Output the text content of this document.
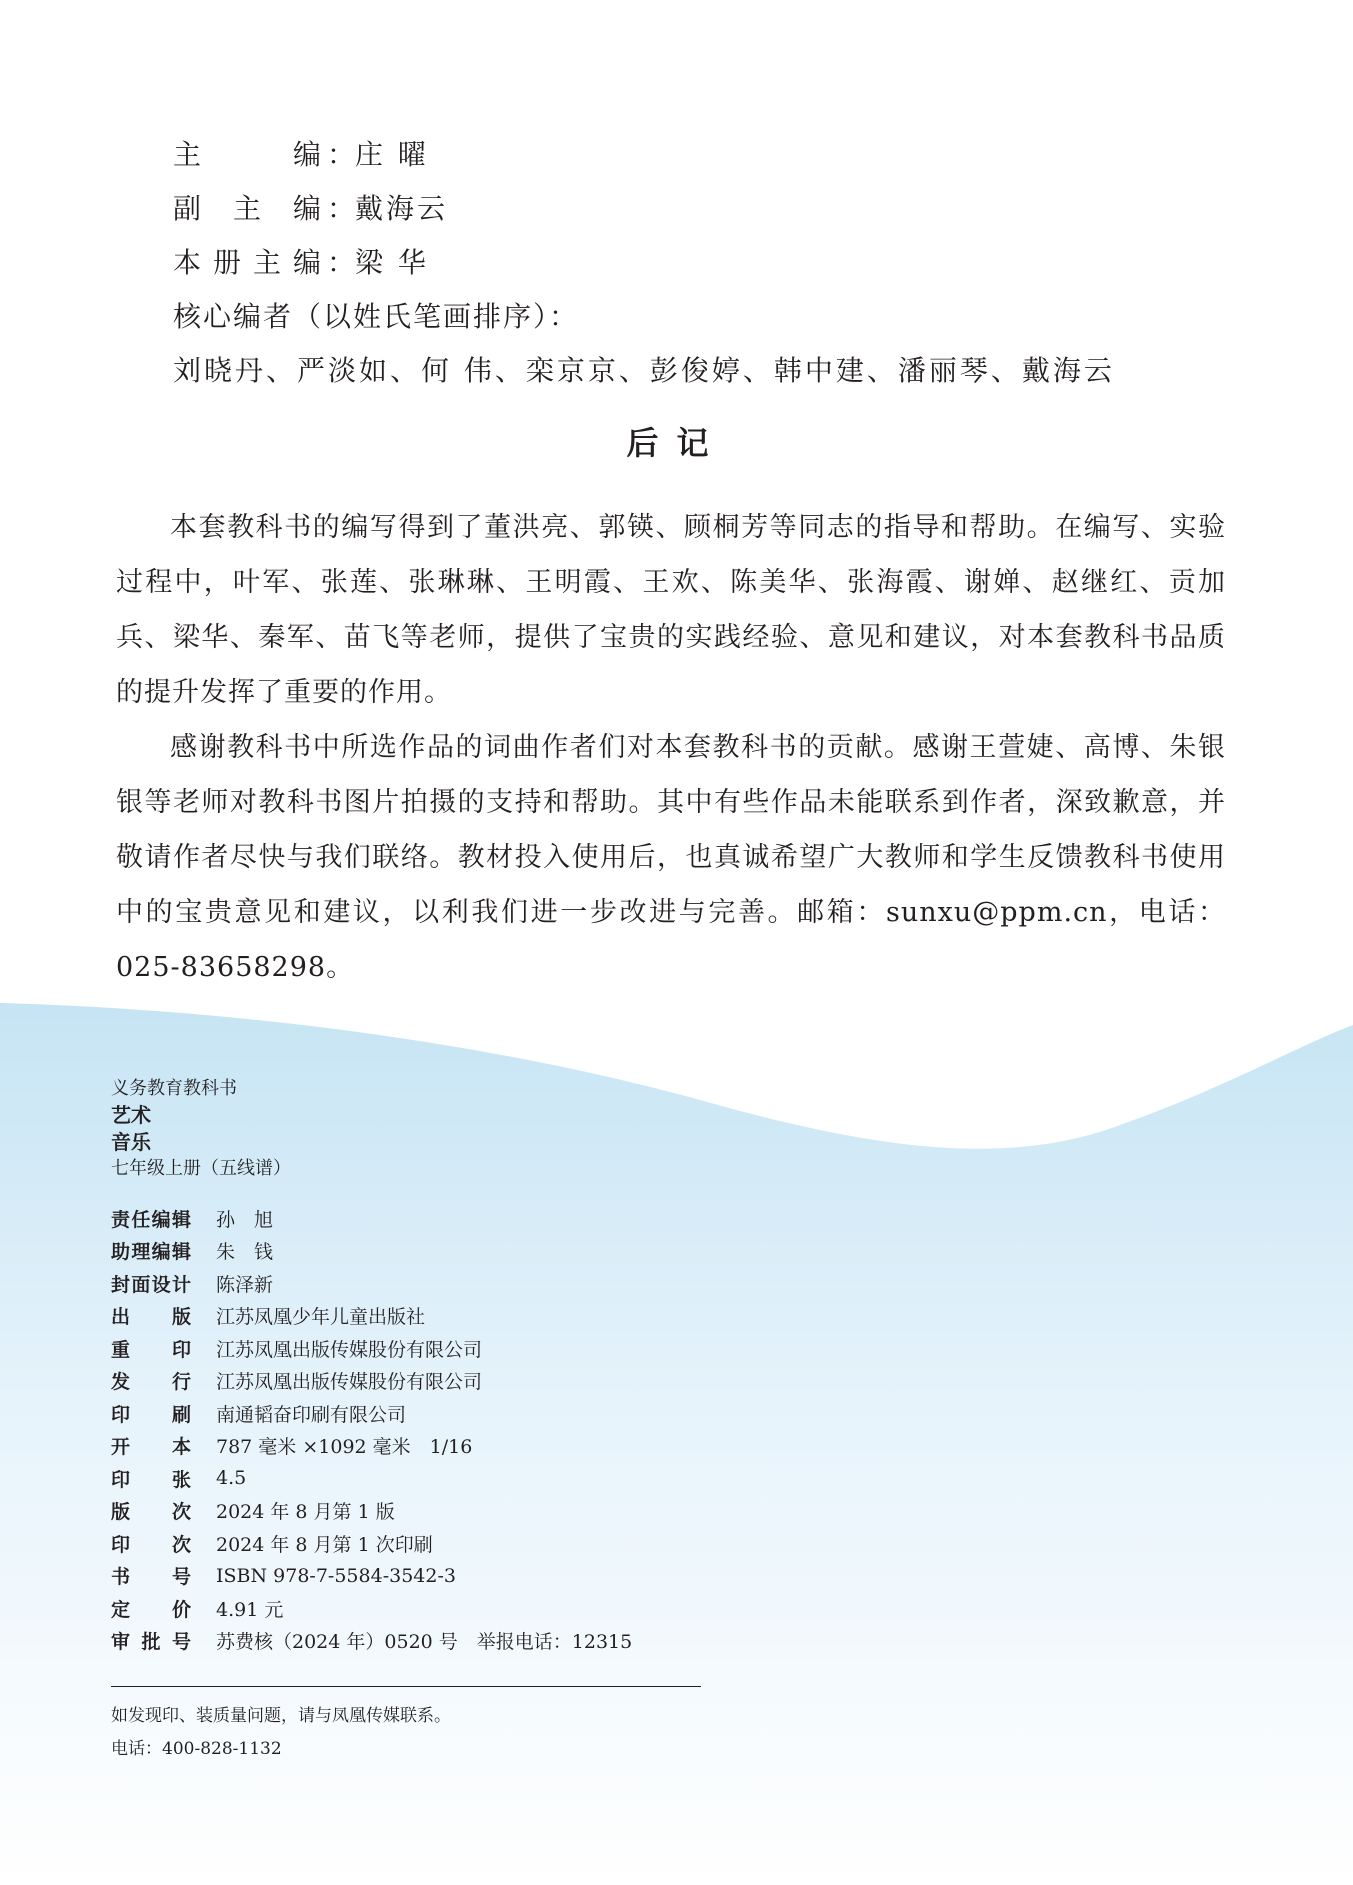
主 编 ：庄 曜
副主编 ：戴海云
本册主编 ：梁 华
核心编者（以姓氏笔画排序）：
刘晓丹、严淡如、何 伟、栾京京、彭俊婷、韩中建、潘丽琴、戴海云
后记

本套教科书的编写得到了董洪亮、郭锳、顾桐芳等同志的指导和帮助。在编写、实验过程中，叶军、张莲、张琳琳、王明霞、王欢、陈美华、张海霞、谢婵、赵继红、贡加兵、梁华、秦军、苗飞等老师，提供了宝贵的实践经验、意见和建议，对本套教科书品质的提升发挥了重要的作用。

感谢教科书中所选作品的词曲作者们对本套教科书的贡献。感谢王萱婕、高博、朱银银等老师对教科书图片拍摄的支持和帮助。其中有些作品未能联系到作者，深致歉意，并敬请作者尽快与我们联络。教材投入使用后，也真诚希望广大教师和学生反馈教科书使用中的宝贵意见和建议，以利我们进一步改进与完善。邮箱：sunxu@ppm.cn，电话：025-83658298。

义务教育教科书

艺术

音乐

七年级上册（五线谱）

责任编辑 孙　旭
助理编辑 朱　钱
封面设计 陈泽新
出版 江苏凤凰少年儿童出版社
重印 江苏凤凰出版传媒股份有限公司
发行 江苏凤凰出版传媒股份有限公司
印刷 南通韬奋印刷有限公司
开本 787 毫米 ×1092 毫米　1/16
印张 4.5
版次 2024 年 8 月第 1 版
印次 2024 年 8 月第 1 次印刷
书号 ISBN 978-7-5584-3542-3
定价 4.91 元
审批号 苏费核（2024 年）0520 号　举报电话：12315
如发现印、装质量问题，请与凤凰传媒联系。
电话：400-828-1132
